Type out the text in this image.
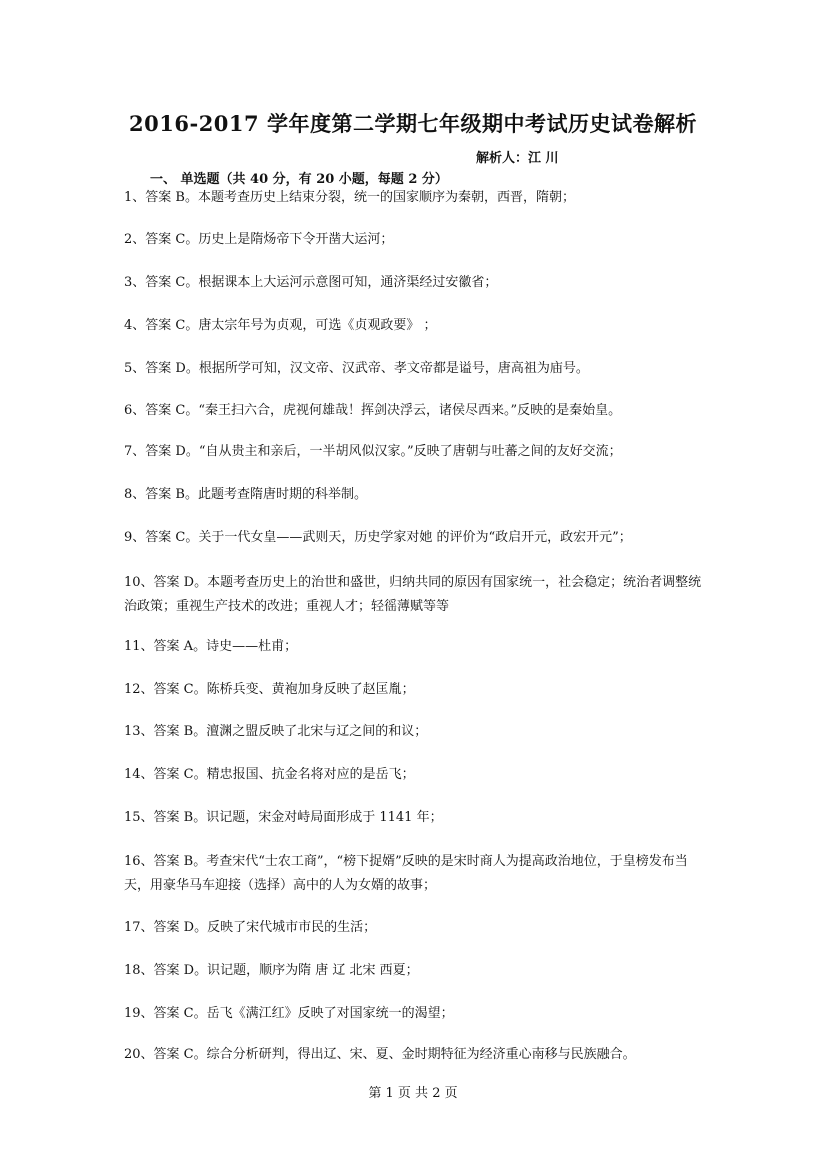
2016-2017 学年度第二学期七年级期中考试历史试卷解析
解析人：江 川
一、 单选题（共 40 分，有 20 小题，每题 2 分）
1、答案 B。本题考查历史上结束分裂，统一的国家顺序为秦朝，西晋，隋朝；
2、答案 C。历史上是隋炀帝下令开凿大运河；
3、答案 C。根据课本上大运河示意图可知，通济渠经过安徽省；
4、答案 C。唐太宗年号为贞观，可选《贞观政要》 ；
5、答案 D。根据所学可知，汉文帝、汉武帝、孝文帝都是谥号，唐高祖为庙号。
6、答案 C。“秦王扫六合，虎视何雄哉！挥剑决浮云，诸侯尽西来。”反映的是秦始皇。
7、答案 D。“自从贵主和亲后，一半胡风似汉家。”反映了唐朝与吐蕃之间的友好交流；
8、答案 B。此题考查隋唐时期的科举制。
9、答案 C。关于一代女皇——武则天，历史学家对她 的评价为“政启开元，政宏开元”；
10、答案 D。本题考查历史上的治世和盛世，归纳共同的原因有国家统一，社会稳定；统治者调整统治政策；重视生产技术的改进；重视人才；轻徭薄赋等等
11、答案 A。诗史——杜甫；
12、答案 C。陈桥兵变、黄袍加身反映了赵匡胤；
13、答案 B。澶渊之盟反映了北宋与辽之间的和议；
14、答案 C。精忠报国、抗金名将对应的是岳飞；
15、答案 B。识记题，宋金对峙局面形成于 1141 年；
16、答案 B。考查宋代“士农工商”，“榜下捉婿”反映的是宋时商人为提高政治地位，于皇榜发布当天，用豪华马车迎接（选择）高中的人为女婿的故事；
17、答案 D。反映了宋代城市市民的生活；
18、答案 D。识记题，顺序为隋 唐 辽 北宋 西夏；
19、答案 C。岳飞《满江红》反映了对国家统一的渴望；
20、答案 C。综合分析研判，得出辽、宋、夏、金时期特征为经济重心南移与民族融合。
第 1 页 共 2 页
